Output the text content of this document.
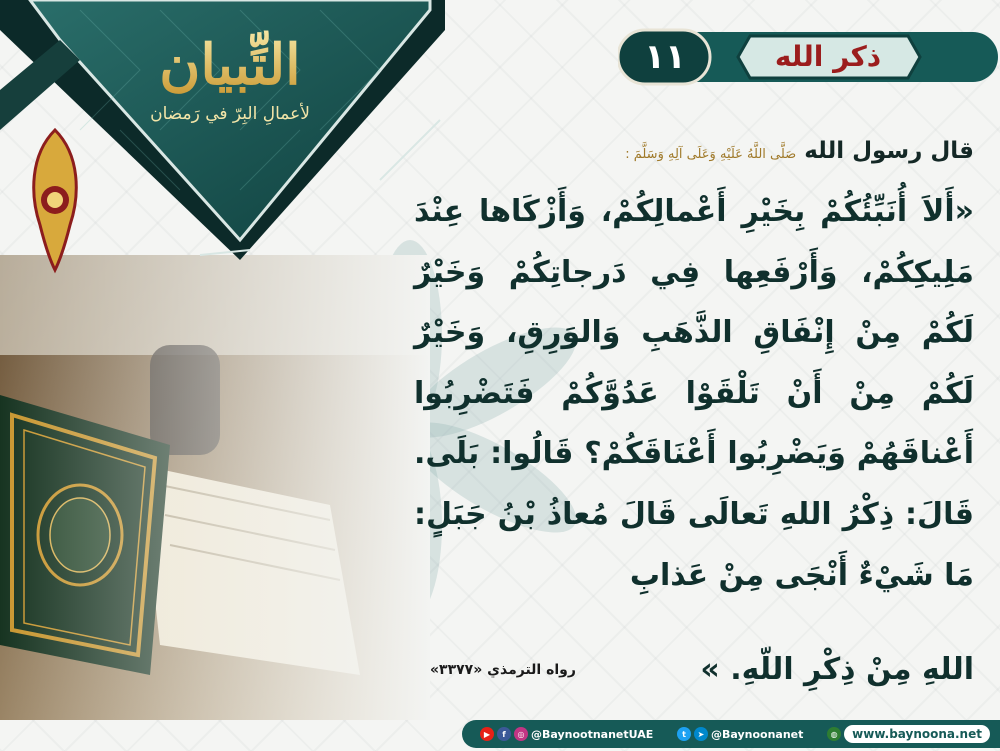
التِّبيان
لأعمالِ البِرّ في رَمضان
١١	ذكر الله
قال رسول الله صَلَّى اللَّهُ عَلَيْهِ وَعَلَى آلِهِ وَسَلَّمَ :
«أَلاَ أُنَبِّئُكُمْ بِخَيْرِ أَعْمالِكُمْ، وَأَزْكَاها عِنْدَ مَلِيكِكُمْ، وَأَرْفَعِها فِي دَرجاتِكُمْ وَخَيْرٌ لَكُمْ مِنْ إِنْفَاقِ الذَّهَبِ وَالوَرِقِ، وَخَيْرٌ لَكُمْ مِنْ أَنْ تَلْقَوْا عَدُوَّكُمْ فَتَضْرِبُوا أَعْناقَهُمْ وَيَضْرِبُوا أَعْنَاقَكُمْ؟ قَالُوا: بَلَى. قَالَ: ذِكْرُ اللهِ تَعالَى قَالَ مُعاذُ بْنُ جَبَلٍ: مَا شَيْءٌ أَنْجَى مِنْ عَذابِ
اللهِ مِنْ ذِكْرِ اللّهِ. »
رواه الترمذي «٣٣٧٧»
▶	f	◎ @BaynootnanetUAE	t	➤ @Baynoonanet	◍	www.baynoona.net
